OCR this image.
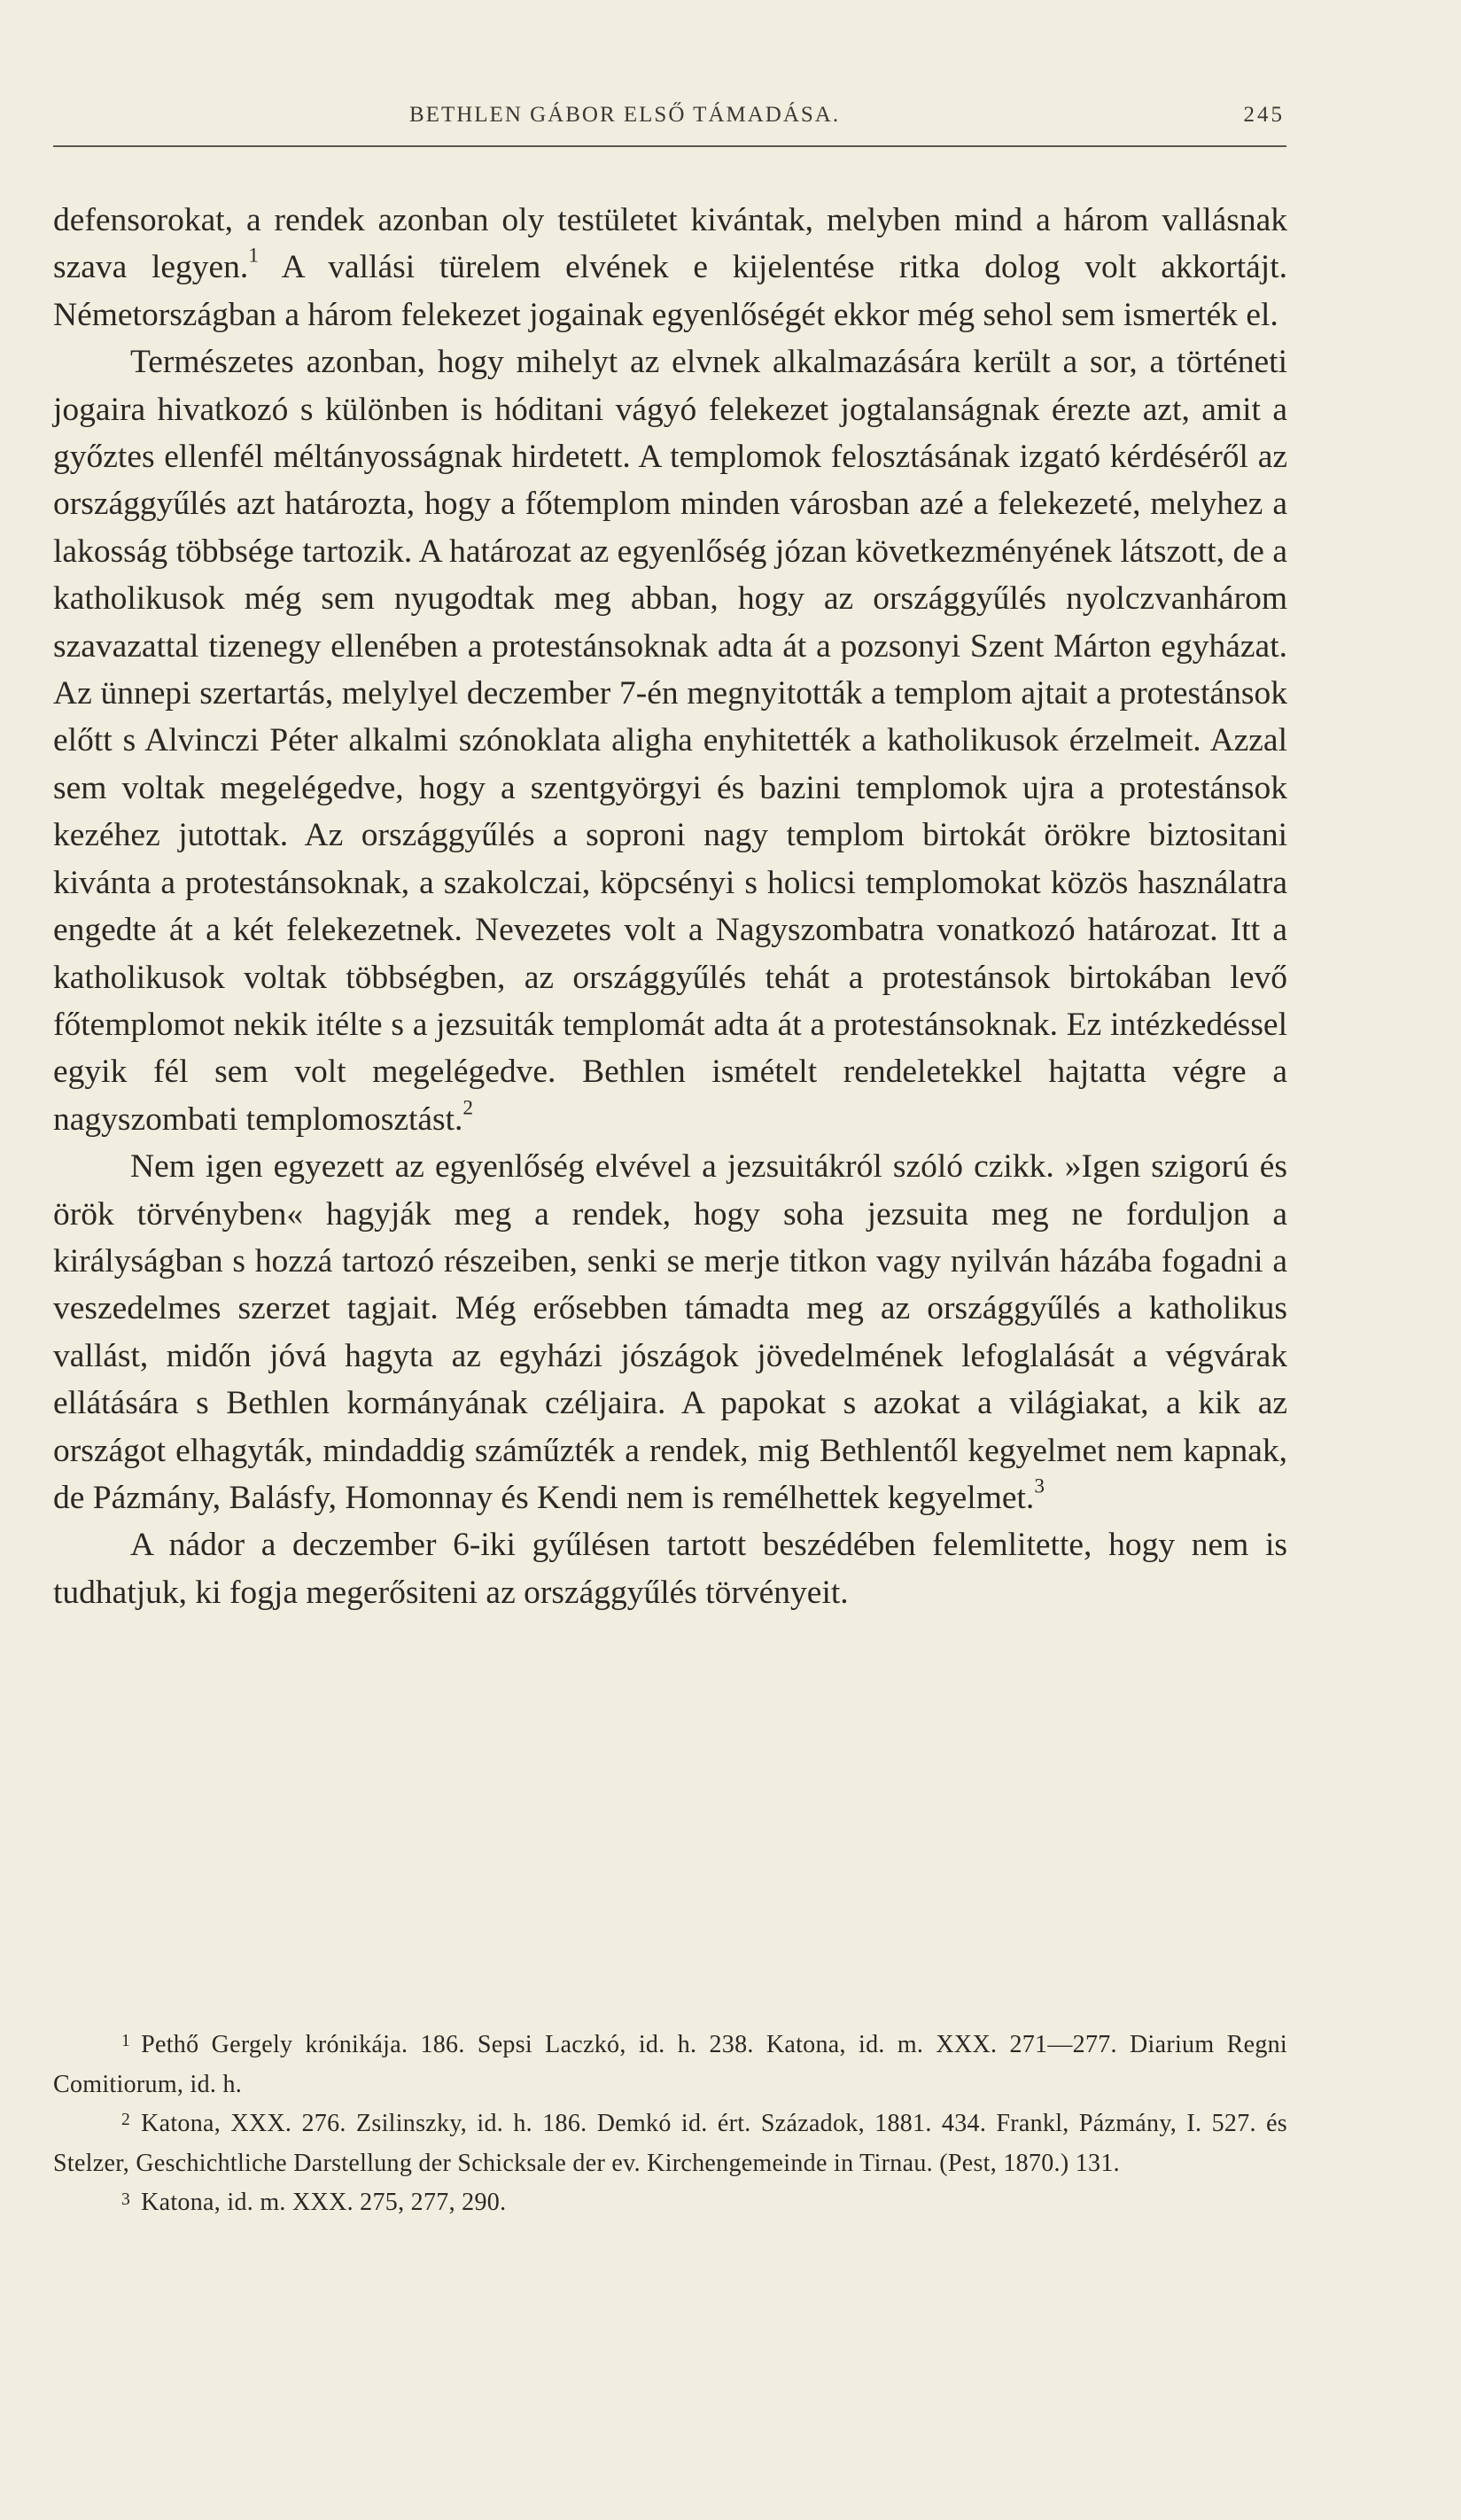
BETHLEN GÁBOR ELSŐ TÁMADÁSA.	245

defensorokat, a rendek azonban oly testületet kivántak, melyben mind a három vallásnak szava legyen.$^1$ A vallási türelem elvének e kijelentése ritka dolog volt akkortájt. Németországban a három felekezet jogainak egyenlőségét ekkor még sehol sem ismerték el.

Természetes azonban, hogy mihelyt az elvnek alkalmazására került a sor, a történeti jogaira hivatkozó s különben is hóditani vágyó felekezet jogtalanságnak érezte azt, amit a győztes ellenfél méltányosságnak hirdetett. A templomok felosztásának izgató kérdéséről az országgyűlés azt határozta, hogy a főtemplom minden városban azé a felekezeté, melyhez a lakosság többsége tartozik. A határozat az egyenlőség józan következményének látszott, de a katholikusok még sem nyugodtak meg abban, hogy az országgyűlés nyolczvanhárom szavazattal tizenegy ellenében a protestánsoknak adta át a pozsonyi Szent Márton egyházat. Az ünnepi szertartás, melylyel deczember 7-én megnyitották a templom ajtait a protestánsok előtt s Alvinczi Péter alkalmi szónoklata aligha enyhitették a katholikusok érzelmeit. Azzal sem voltak megelégedve, hogy a szentgyörgyi és bazini templomok ujra a protestánsok kezéhez jutottak. Az országgyűlés a soproni nagy templom birtokát örökre biztositani kivánta a protestánsoknak, a szakolczai, köpcsényi s holicsi templomokat közös használatra engedte át a két felekezetnek. Nevezetes volt a Nagyszombatra vonatkozó határozat. Itt a katholikusok voltak többségben, az országgyűlés tehát a protestánsok birtokában levő főtemplomot nekik itélte s a jezsuiták templomát adta át a protestánsoknak. Ez intézkedéssel egyik fél sem volt megelégedve. Bethlen ismételt rendeletekkel hajtatta végre a nagyszombati templomosztást.$^2$

Nem igen egyezett az egyenlőség elvével a jezsuitákról szóló czikk. »Igen szigorú és örök törvényben« hagyják meg a rendek, hogy soha jezsuita meg ne forduljon a királyságban s hozzá tartozó részeiben, senki se merje titkon vagy nyilván házába fogadni a veszedelmes szerzet tagjait. Még erősebben támadta meg az országgyűlés a katholikus vallást, midőn jóvá hagyta az egyházi jószágok jövedelmének lefoglalását a végvárak ellátására s Bethlen kormányának czéljaira. A papokat s azokat a világiakat, a kik az országot elhagyták, mindaddig száműzték a rendek, mig Bethlentől kegyelmet nem kapnak, de Pázmány, Balásfy, Homonnay és Kendi nem is remélhettek kegyelmet.$^3$

A nádor a deczember 6-iki gyűlésen tartott beszédében felemlitette, hogy nem is tudhatjuk, ki fogja megerősiteni az országgyűlés törvényeit.

$^1$ Pethő Gergely krónikája. 186. Sepsi Laczkó, id. h. 238. Katona, id. m. XXX. 271—277. Diarium Regni Comitiorum, id. h.

$^2$ Katona, XXX. 276. Zsilinszky, id. h. 186. Demkó id. ért. Századok, 1881. 434. Frankl, Pázmány, I. 527. és Stelzer, Geschichtliche Darstellung der Schicksale der ev. Kirchengemeinde in Tirnau. (Pest, 1870.) 131.

$^3$ Katona, id. m. XXX. 275, 277, 290.
